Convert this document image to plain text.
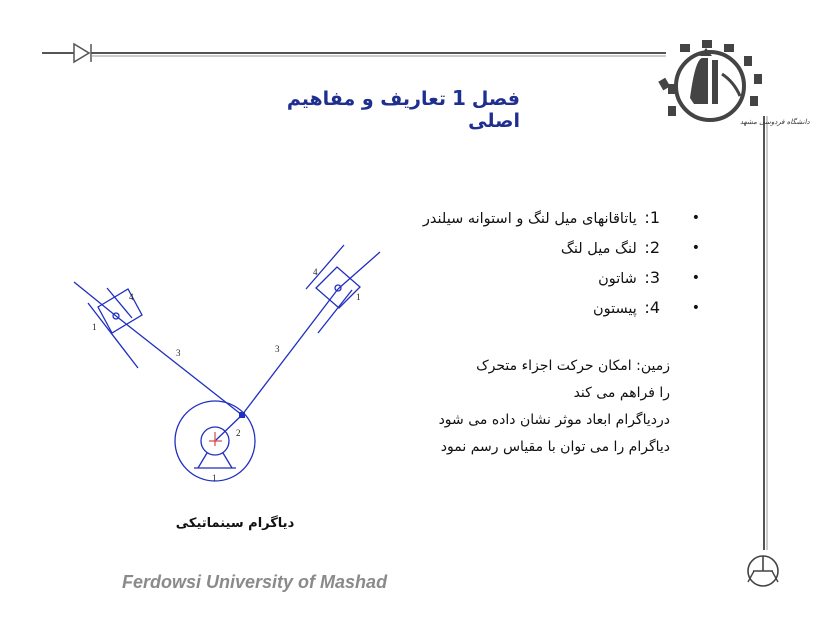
دانشگاه فردوسی مشهد
فصل1تعاریف و مفاهیم اصلی
•
1: یاتاقانهای میل لنگ و استوانه سیلندر
•
2: لنگ میل لنگ
•
3: شاتون
•
4: پیستون
زمین: امکان حرکت اجزاء متحرک
را فراهم می کند
دردیاگرام ابعاد موثر نشان داده می شود
دیاگرام را می توان با مقیاس رسم نمود
1
4
3	3
4
1
2
1
دیاگرام سینماتیکی
Ferdowsi University of Mashad
